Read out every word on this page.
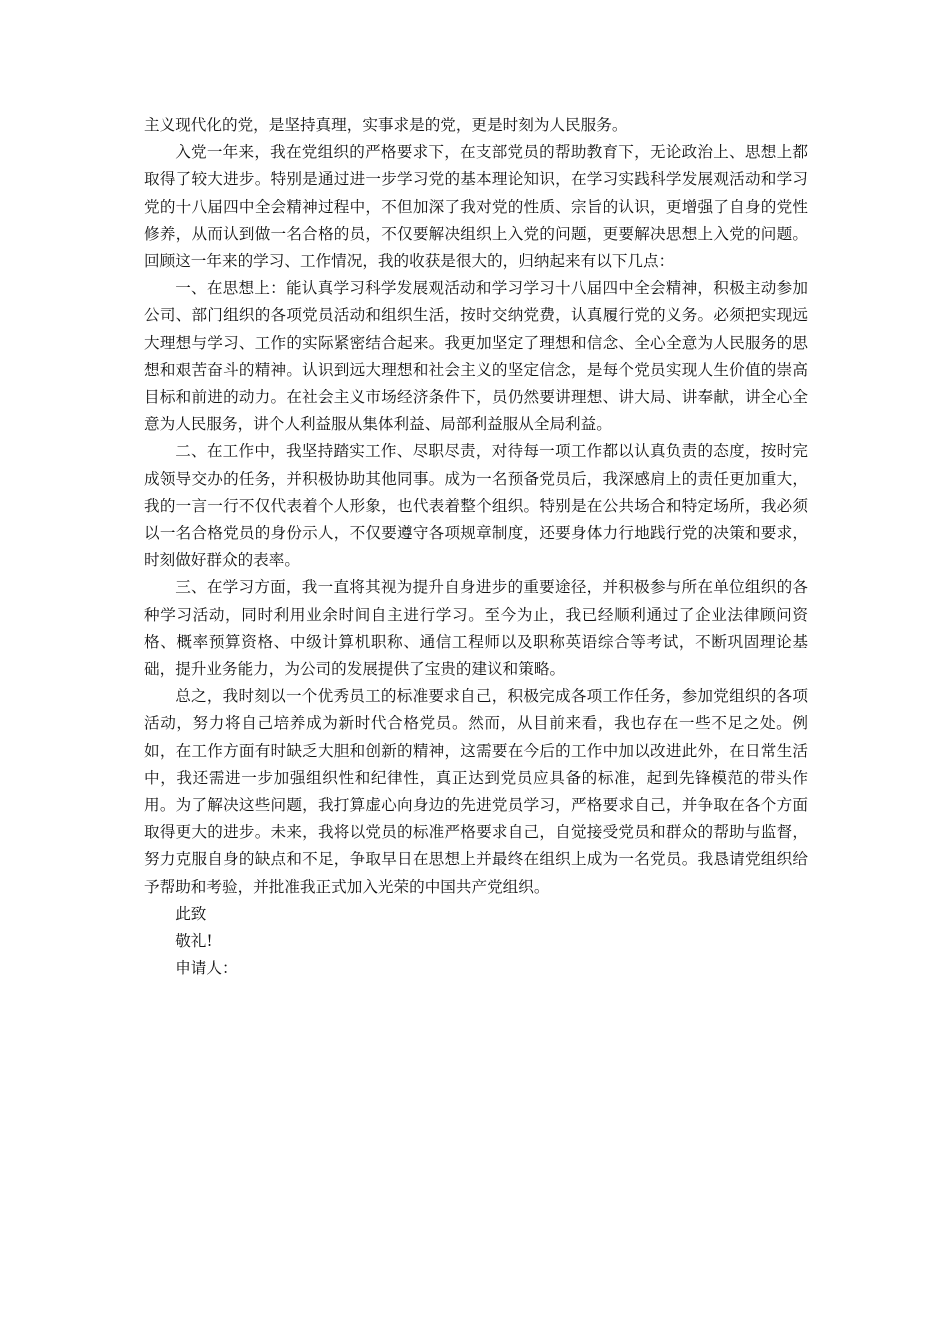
主义现代化的党，是坚持真理，实事求是的党，更是时刻为人民服务。

入党一年来，我在党组织的严格要求下，在支部党员的帮助教育下，无论政治上、思想上都取得了较大进步。特别是通过进一步学习党的基本理论知识，在学习实践科学发展观活动和学习党的十八届四中全会精神过程中，不但加深了我对党的性质、宗旨的认识，更增强了自身的党性修养，从而认到做一名合格的员，不仅要解决组织上入党的问题，更要解决思想上入党的问题。回顾这一年来的学习、工作情况，我的收获是很大的，归纳起来有以下几点：

一、在思想上：能认真学习科学发展观活动和学习学习十八届四中全会精神，积极主动参加公司、部门组织的各项党员活动和组织生活，按时交纳党费，认真履行党的义务。必须把实现远大理想与学习、工作的实际紧密结合起来。我更加坚定了理想和信念、全心全意为人民服务的思想和艰苦奋斗的精神。认识到远大理想和社会主义的坚定信念，是每个党员实现人生价值的崇高目标和前进的动力。在社会主义市场经济条件下，员仍然要讲理想、讲大局、讲奉献，讲全心全意为人民服务，讲个人利益服从集体利益、局部利益服从全局利益。

二、在工作中，我坚持踏实工作、尽职尽责，对待每一项工作都以认真负责的态度，按时完成领导交办的任务，并积极协助其他同事。成为一名预备党员后，我深感肩上的责任更加重大，我的一言一行不仅代表着个人形象，也代表着整个组织。特别是在公共场合和特定场所，我必须以一名合格党员的身份示人，不仅要遵守各项规章制度，还要身体力行地践行党的决策和要求，时刻做好群众的表率。

三、在学习方面，我一直将其视为提升自身进步的重要途径，并积极参与所在单位组织的各种学习活动，同时利用业余时间自主进行学习。至今为止，我已经顺利通过了企业法律顾问资格、概率预算资格、中级计算机职称、通信工程师以及职称英语综合等考试，不断巩固理论基础，提升业务能力，为公司的发展提供了宝贵的建议和策略。

总之，我时刻以一个优秀员工的标准要求自己，积极完成各项工作任务，参加党组织的各项活动，努力将自己培养成为新时代合格党员。然而，从目前来看，我也存在一些不足之处。例如，在工作方面有时缺乏大胆和创新的精神，这需要在今后的工作中加以改进此外，在日常生活中，我还需进一步加强组织性和纪律性，真正达到党员应具备的标准，起到先锋模范的带头作用。为了解决这些问题，我打算虚心向身边的先进党员学习，严格要求自己，并争取在各个方面取得更大的进步。未来，我将以党员的标准严格要求自己，自觉接受党员和群众的帮助与监督，努力克服自身的缺点和不足，争取早日在思想上并最终在组织上成为一名党员。我恳请党组织给予帮助和考验，并批准我正式加入光荣的中国共产党组织。

此致

敬礼!

申请人：
